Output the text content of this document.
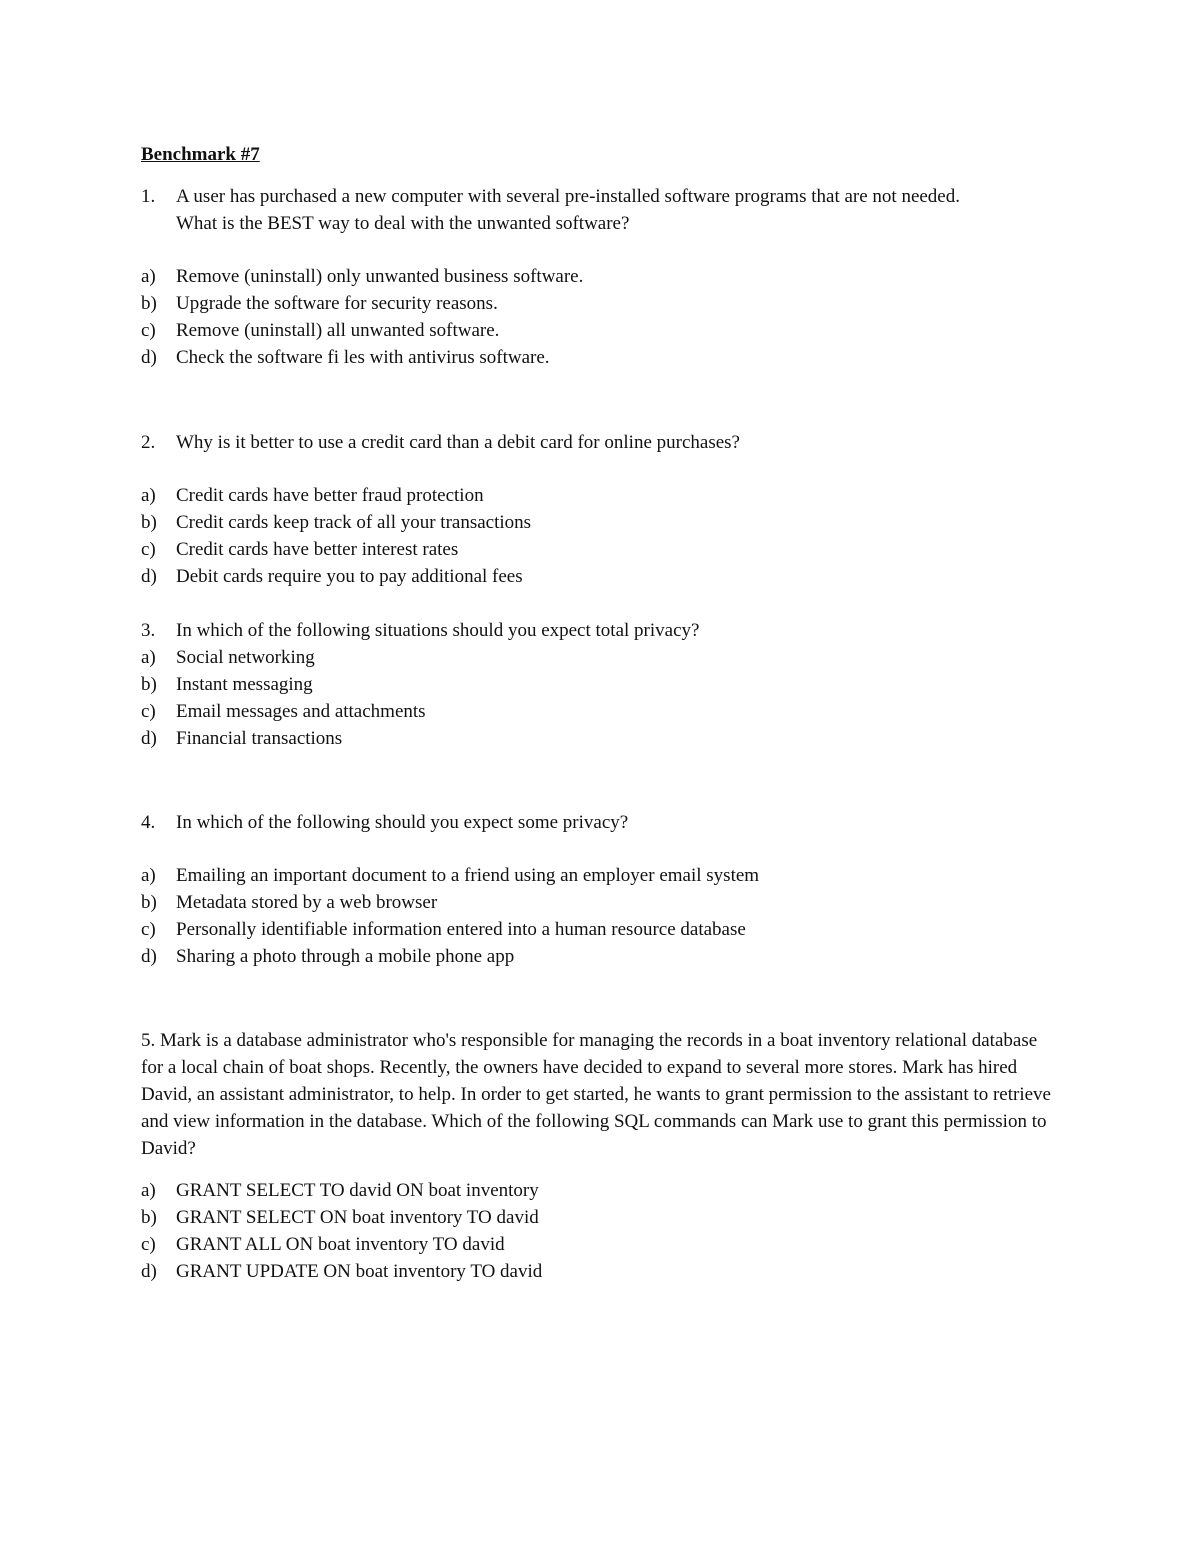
Benchmark #7
1.	A user has purchased a new computer with several pre-installed software programs that are not needed. What is the BEST way to deal with the unwanted software?
a)	Remove (uninstall) only unwanted business software.
b)	Upgrade the software for security reasons.
c)	Remove (uninstall) all unwanted software.
d)	Check the software fi les with antivirus software.
2.	Why is it better to use a credit card than a debit card for online purchases?
a)	Credit cards have better fraud protection
b)	Credit cards keep track of all your transactions
c)	Credit cards have better interest rates
d)	Debit cards require you to pay additional fees
3.	In which of the following situations should you expect total privacy?
a)	Social networking
b)	Instant messaging
c)	Email messages and attachments
d)	Financial transactions
4.	In which of the following should you expect some privacy?
a)	Emailing an important document to a friend using an employer email system
b)	Metadata stored by a web browser
c)	Personally identifiable information entered into a human resource database
d)	Sharing a photo through a mobile phone app
5. Mark is a database administrator who's responsible for managing the records in a boat inventory relational database for a local chain of boat shops. Recently, the owners have decided to expand to several more stores. Mark has hired David, an assistant administrator, to help. In order to get started, he wants to grant permission to the assistant to retrieve and view information in the database. Which of the following SQL commands can Mark use to grant this permission to David?
a)	GRANT SELECT TO david ON boat inventory
b)	GRANT SELECT ON boat inventory TO david
c)	GRANT ALL ON boat inventory TO david
d)	GRANT UPDATE ON boat inventory TO david
